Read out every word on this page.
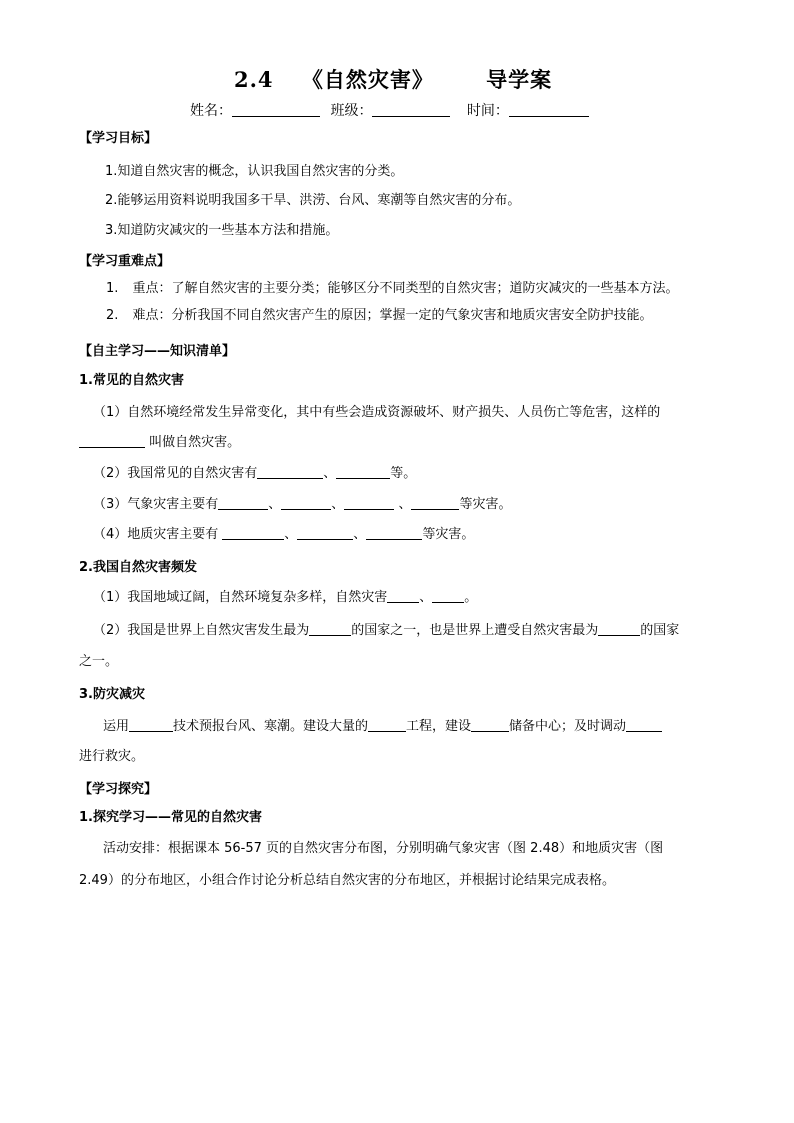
2.4 《自然灾害》 导学案
姓名：	班级：	时间：
【学习目标】
1.知道自然灾害的概念，认识我国自然灾害的分类。
2.能够运用资料说明我国多干旱、洪涝、台风、寒潮等自然灾害的分布。
3.知道防灾减灾的一些基本方法和措施。
【学习重难点】
1. 重点：了解自然灾害的主要分类；能够区分不同类型的自然灾害；道防灾减灾的一些基本方法。
2. 难点：分析我国不同自然灾害产生的原因；掌握一定的气象灾害和地质灾害安全防护技能。
【自主学习——知识清单】
1.常见的自然灾害
（1）自然环境经常发生异常变化，其中有些会造成资源破坏、财产损失、人员伤亡等危害，这样的
叫做自然灾害。
（2）我国常见的自然灾害有	、	等。
（3）气象灾害主要有	、	、	、	等灾害。
（4）地质灾害主要有	、	、	等灾害。
2.我国自然灾害频发
（1）我国地域辽阔，自然环境复杂多样，自然灾害 、 。
（2）我国是世界上自然灾害发生最为	的国家之一，也是世界上遭受自然灾害最为	的国家
之一。
3.防灾减灾
运用	技术预报台风、寒潮。建设大量的	工程，建设	储备中心；及时调动
进行救灾。
【学习探究】
1.探究学习——常见的自然灾害
活动安排：根据课本 56-57 页的自然灾害分布图，分别明确气象灾害（图 2.48）和地质灾害（图
2.49）的分布地区，小组合作讨论分析总结自然灾害的分布地区，并根据讨论结果完成表格。
